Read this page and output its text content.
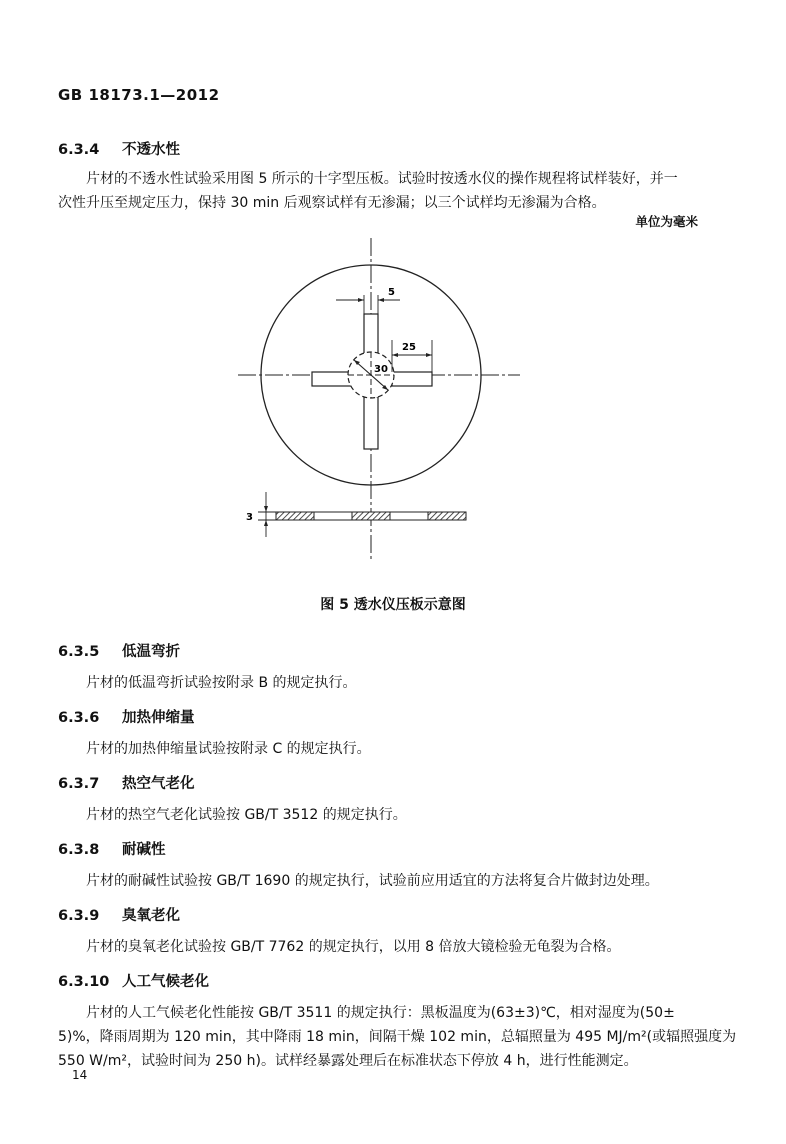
GB 18173.1—2012
6.3.4 不透水性
片材的不透水性试验采用图 5 所示的十字型压板。试验时按透水仪的操作规程将试样装好，并一
次性升压至规定压力，保持 30 min 后观察试样有无渗漏；以三个试样均无渗漏为合格。
单位为毫米
30
5
25
3
图 5 透水仪压板示意图
6.3.5 低温弯折
片材的低温弯折试验按附录 B 的规定执行。
6.3.6 加热伸缩量
片材的加热伸缩量试验按附录 C 的规定执行。
6.3.7 热空气老化
片材的热空气老化试验按 GB/T 3512 的规定执行。
6.3.8 耐碱性
片材的耐碱性试验按 GB/T 1690 的规定执行，试验前应用适宜的方法将复合片做封边处理。
6.3.9 臭氧老化
片材的臭氧老化试验按 GB/T 7762 的规定执行，以用 8 倍放大镜检验无龟裂为合格。
6.3.10 人工气候老化
片材的人工气候老化性能按 GB/T 3511 的规定执行：黑板温度为(63±3)℃，相对湿度为(50±
5)%，降雨周期为 120 min，其中降雨 18 min，间隔干燥 102 min，总辐照量为 495 MJ/m²(或辐照强度为
550 W/m²，试验时间为 250 h)。试样经暴露处理后在标准状态下停放 4 h，进行性能测定。
14
